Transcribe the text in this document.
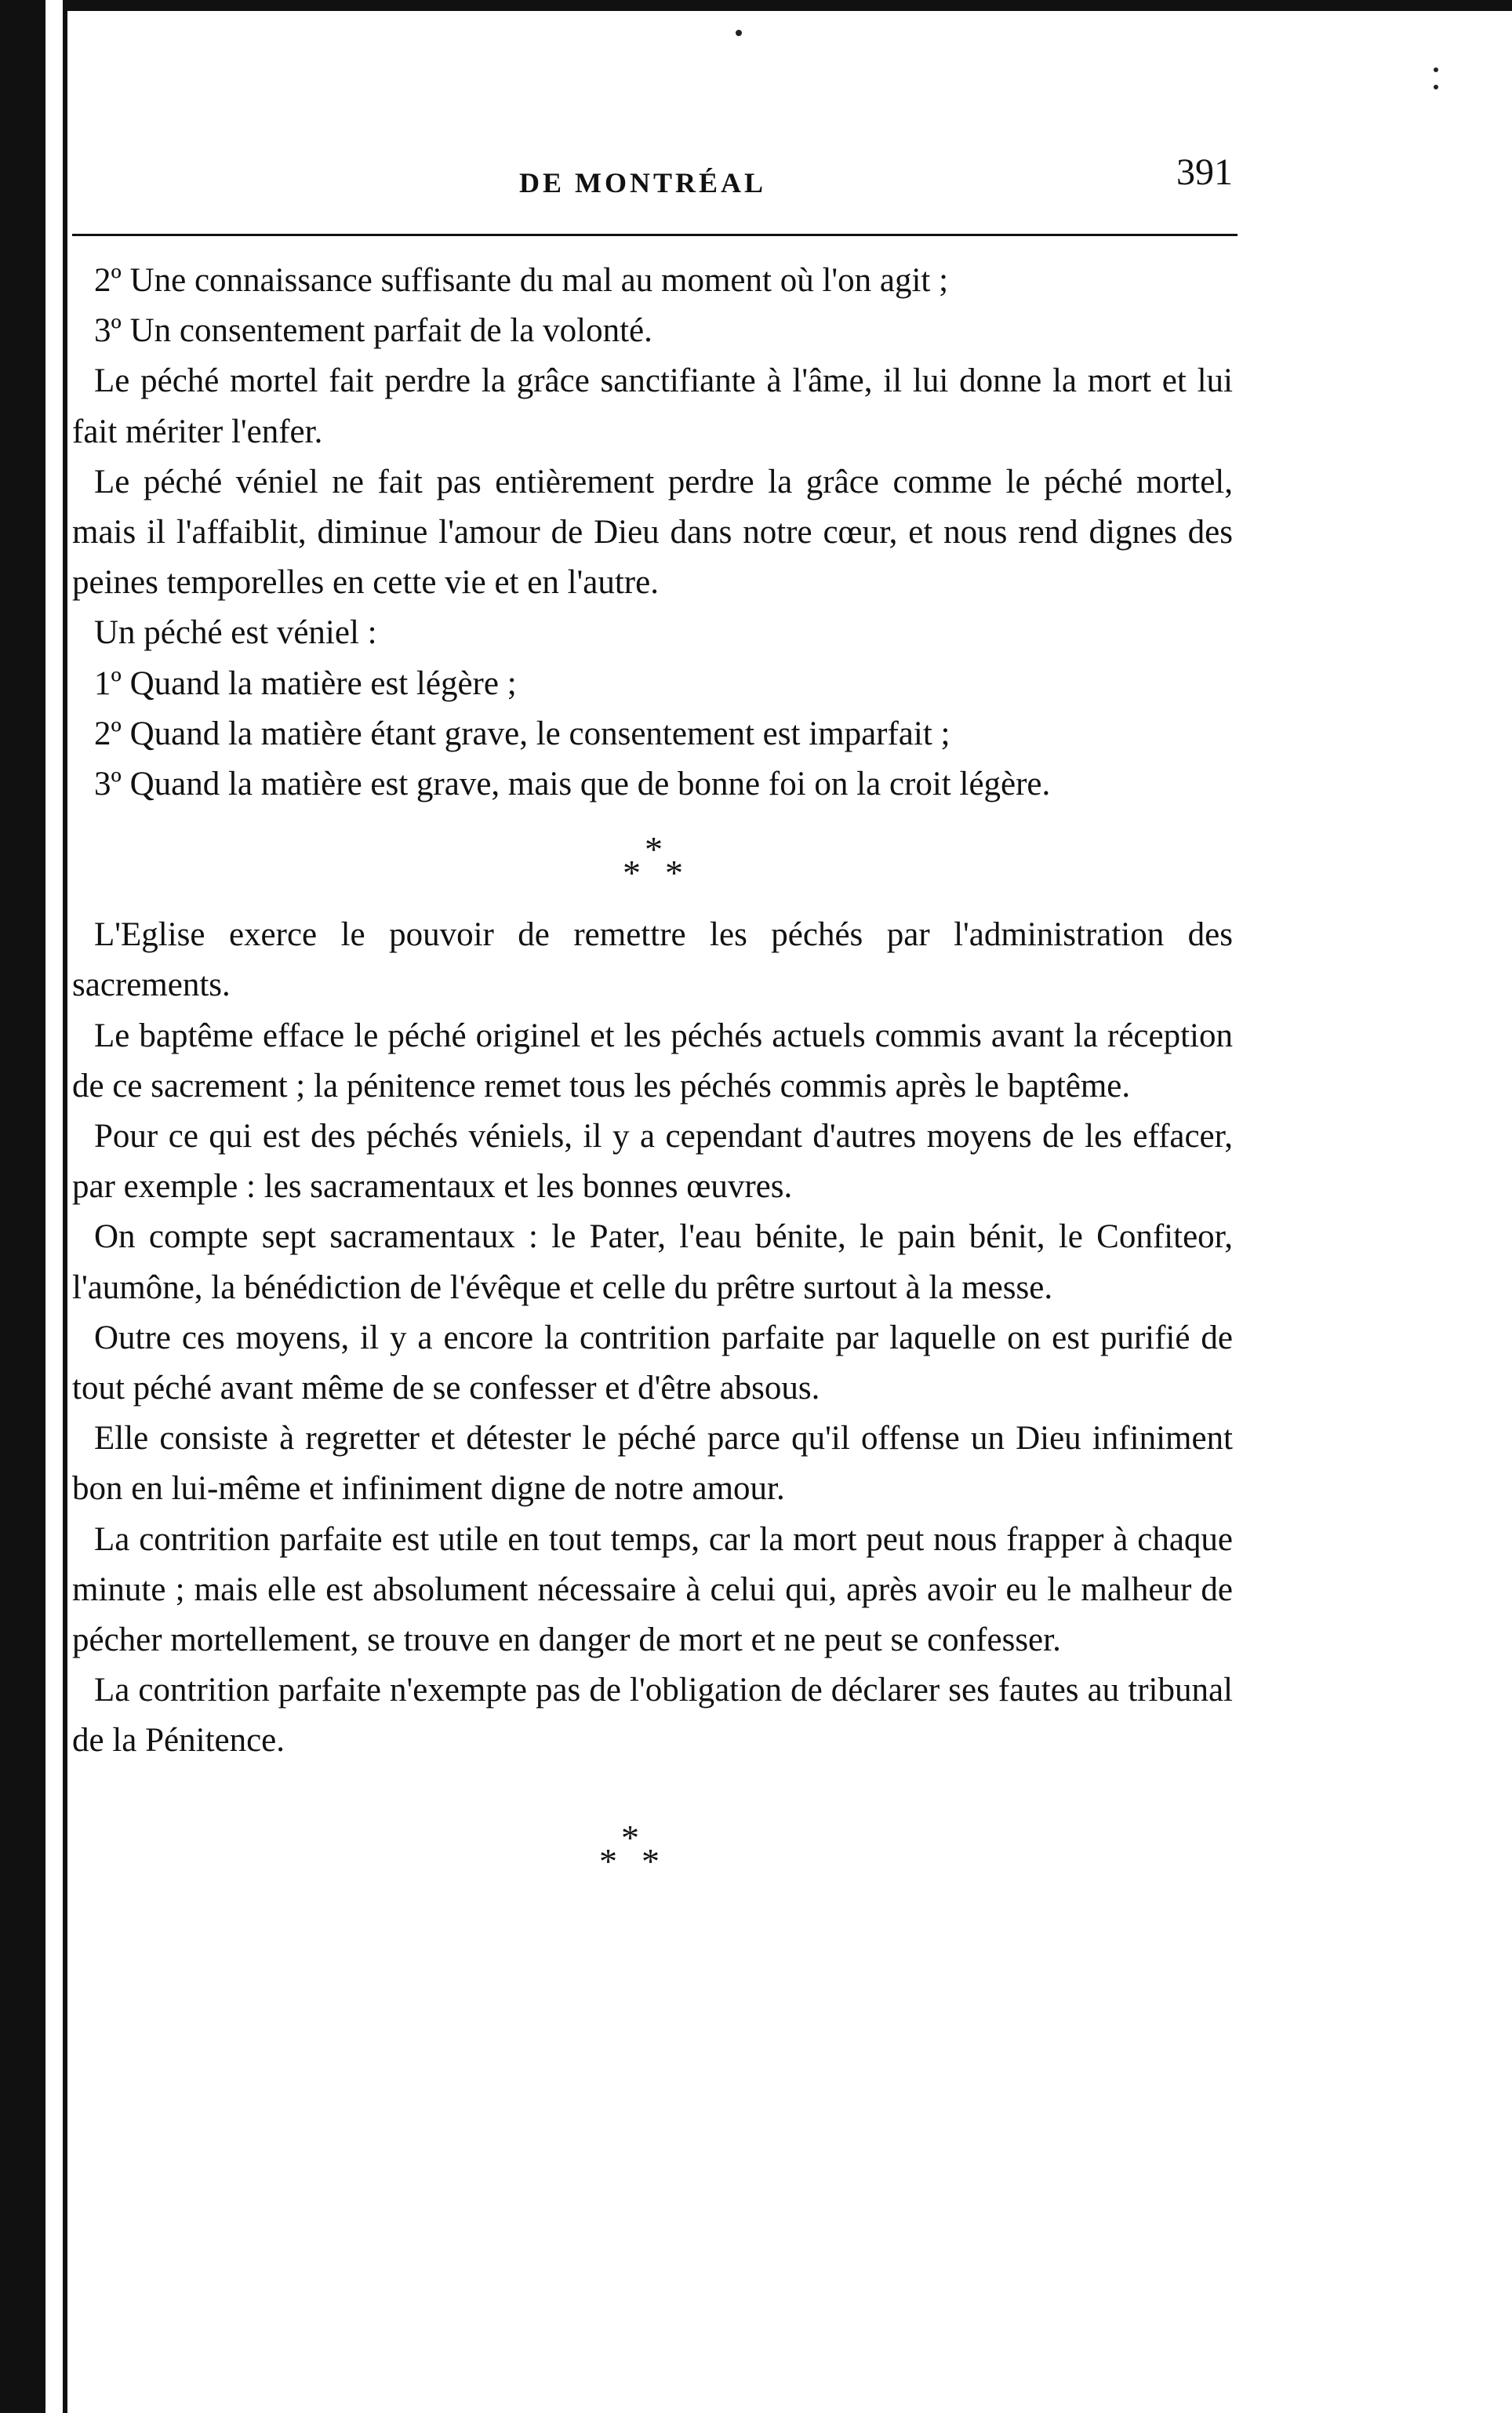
DE MONTRÉAL	391

2º Une connaissance suffisante du mal au moment où l'on agit ;

3º Un consentement parfait de la volonté.

Le péché mortel fait perdre la grâce sanctifiante à l'âme, il lui donne la mort et lui fait mériter l'enfer.

Le péché véniel ne fait pas entièrement perdre la grâce comme le péché mortel, mais il l'affaiblit, diminue l'amour de Dieu dans notre cœur, et nous rend dignes des peines temporelles en cette vie et en l'autre.

Un péché est véniel :

1º Quand la matière est légère ;

2º Quand la matière étant grave, le consentement est imparfait ;

3º Quand la matière est grave, mais que de bonne foi on la croit légère.

*
* *

L'Eglise exerce le pouvoir de remettre les péchés par l'administration des sacrements.

Le baptême efface le péché originel et les péchés actuels commis avant la réception de ce sacrement ; la pénitence remet tous les péchés commis après le baptême.

Pour ce qui est des péchés véniels, il y a cependant d'autres moyens de les effacer, par exemple : les sacramentaux et les bonnes œuvres.

On compte sept sacramentaux : le Pater, l'eau bénite, le pain bénit, le Confiteor, l'aumône, la bénédiction de l'évêque et celle du prêtre surtout à la messe.

Outre ces moyens, il y a encore la contrition parfaite par laquelle on est purifié de tout péché avant même de se confesser et d'être absous.

Elle consiste à regretter et détester le péché parce qu'il offense un Dieu infiniment bon en lui-même et infiniment digne de notre amour.

La contrition parfaite est utile en tout temps, car la mort peut nous frapper à chaque minute ; mais elle est absolument nécessaire à celui qui, après avoir eu le malheur de pécher mortellement, se trouve en danger de mort et ne peut se confesser.

La contrition parfaite n'exempte pas de l'obligation de déclarer ses fautes au tribunal de la Pénitence.

*
* *
